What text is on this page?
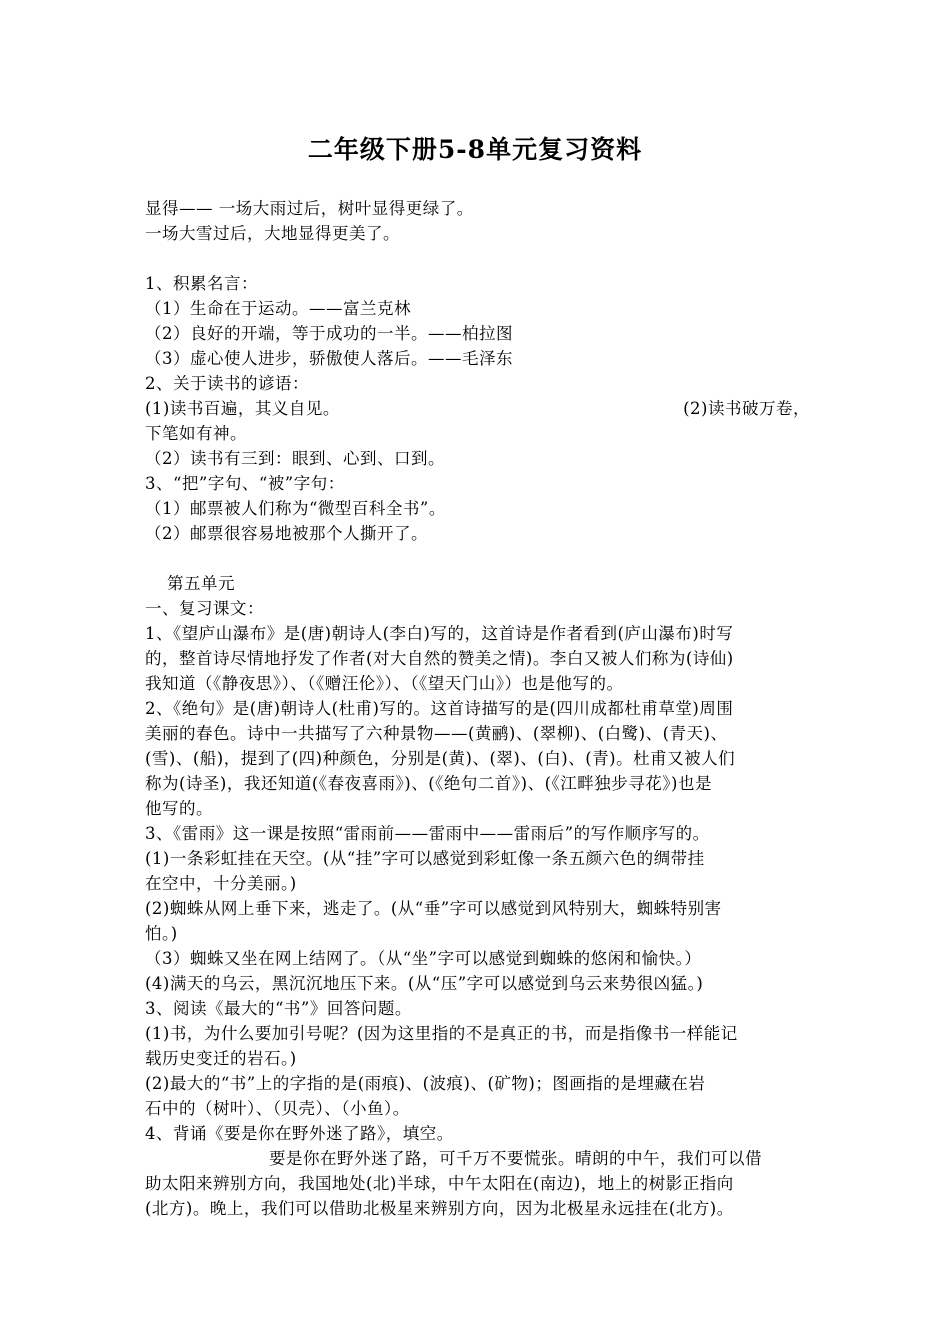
二年级下册5-8单元复习资料
显得—— 一场大雨过后，树叶显得更绿了。
一场大雪过后，大地显得更美了。
1、积累名言：
（1）生命在于运动。——富兰克林
（2）良好的开端，等于成功的一半。——柏拉图
（3）虚心使人进步，骄傲使人落后。——毛泽东
2、关于读书的谚语：
(1)读书百遍，其义自见。	(2)读书破万卷，
下笔如有神。
（2）读书有三到：眼到、心到、口到。
3、“把”字句、“被”字句：
（1）邮票被人们称为“微型百科全书”。
（2）邮票很容易地被那个人撕开了。
第五单元
一、复习课文：
1、《望庐山瀑布》是(唐)朝诗人(李白)写的，这首诗是作者看到(庐山瀑布)时写
的，整首诗尽情地抒发了作者(对大自然的赞美之情)。李白又被人们称为(诗仙)
我知道（《静夜思》）、（《赠汪伦》）、（《望天门山》）也是他写的。
2、《绝句》是(唐)朝诗人(杜甫)写的。这首诗描写的是(四川成都杜甫草堂)周围
美丽的春色。诗中一共描写了六种景物——(黄鹂)、(翠柳)、(白鹭)、(青天)、
(雪)、(船)，提到了(四)种颜色，分别是(黄)、(翠)、(白)、(青)。杜甫又被人们
称为(诗圣)，我还知道(《春夜喜雨》)、(《绝句二首》)、(《江畔独步寻花》)也是
他写的。
3、《雷雨》这一课是按照“雷雨前——雷雨中——雷雨后”的写作顺序写的。
(1)一条彩虹挂在天空。(从“挂”字可以感觉到彩虹像一条五颜六色的绸带挂
在空中，十分美丽。)
(2)蜘蛛从网上垂下来，逃走了。(从“垂”字可以感觉到风特别大，蜘蛛特别害
怕。)
（3）蜘蛛又坐在网上结网了。（从“坐”字可以感觉到蜘蛛的悠闲和愉快。）
(4)满天的乌云，黑沉沉地压下来。(从“压”字可以感觉到乌云来势很凶猛。)
3、阅读《最大的“书”》回答问题。
(1)书，为什么要加引号呢？(因为这里指的不是真正的书，而是指像书一样能记
载历史变迁的岩石。)
(2)最大的“书”上的字指的是(雨痕)、(波痕)、(矿物)；图画指的是埋藏在岩
石中的（树叶）、（贝壳）、（小鱼）。
4、背诵《要是你在野外迷了路》，填空。
要是你在野外迷了路，可千万不要慌张。晴朗的中午，我们可以借
助太阳来辨别方向，我国地处(北)半球，中午太阳在(南边)，地上的树影正指向
(北方)。晚上，我们可以借助北极星来辨别方向，因为北极星永远挂在(北方)。
